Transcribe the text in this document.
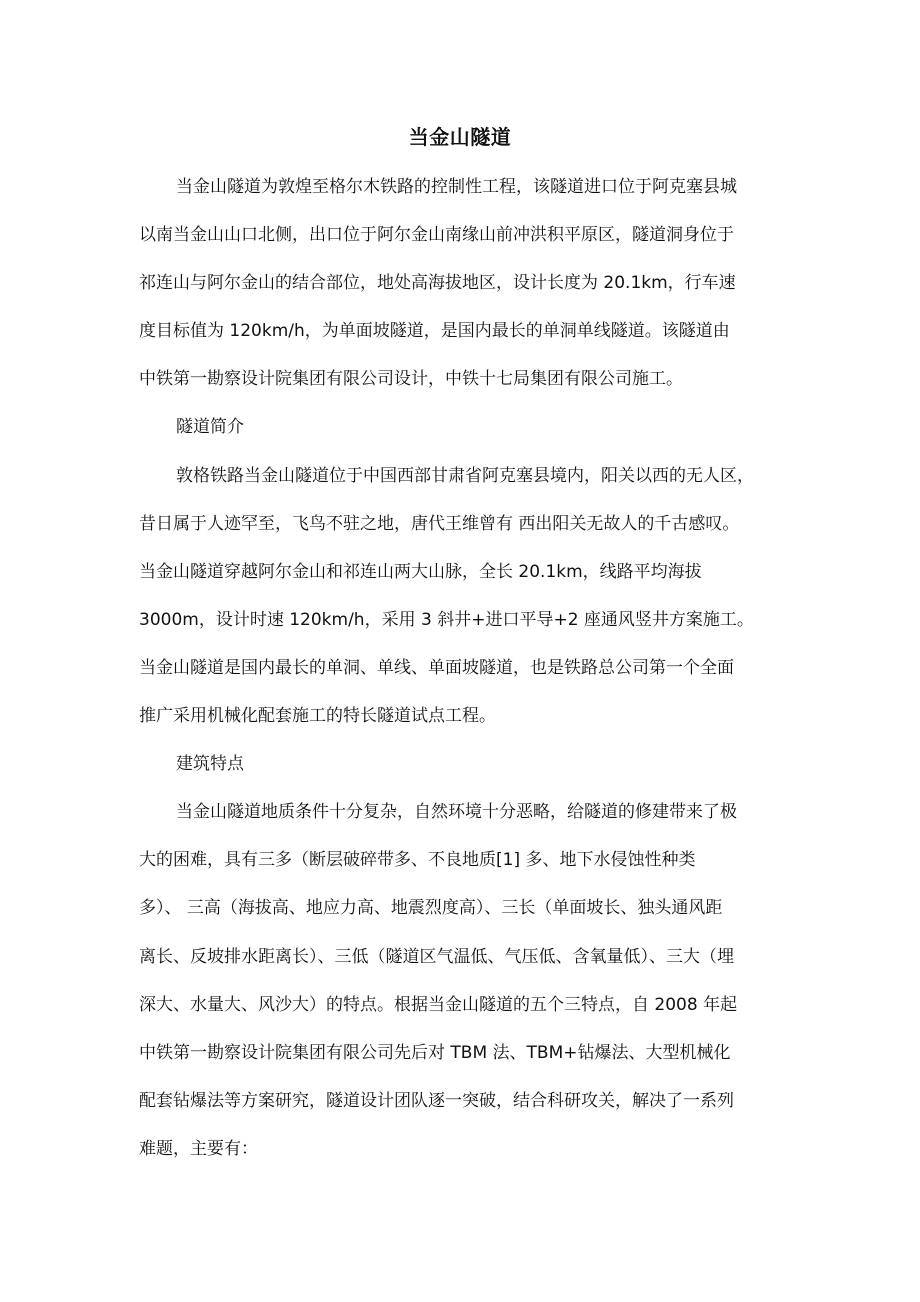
当金山隧道
当金山隧道为敦煌至格尔木铁路的控制性工程，该隧道进口位于阿克塞县城
以南当金山山口北侧，出口位于阿尔金山南缘山前冲洪积平原区，隧道洞身位于
祁连山与阿尔金山的结合部位，地处高海拔地区，设计长度为 20.1km，行车速
度目标值为 120km/h，为单面坡隧道，是国内最长的单洞单线隧道。该隧道由
中铁第一勘察设计院集团有限公司设计，中铁十七局集团有限公司施工。
隧道简介
敦格铁路当金山隧道位于中国西部甘肃省阿克塞县境内，阳关以西的无人区，
昔日属于人迹罕至，飞鸟不驻之地，唐代王维曾有 西出阳关无故人的千古感叹。
当金山隧道穿越阿尔金山和祁连山两大山脉，全长 20.1km，线路平均海拔
3000m，设计时速 120km/h，采用 3 斜井+进口平导+2 座通风竖井方案施工。
当金山隧道是国内最长的单洞、单线、单面坡隧道，也是铁路总公司第一个全面
推广采用机械化配套施工的特长隧道试点工程。
建筑特点
当金山隧道地质条件十分复杂，自然环境十分恶略，给隧道的修建带来了极
大的困难，具有三多（断层破碎带多、不良地质[1] 多、地下水侵蚀性种类
多）、 三高（海拔高、地应力高、地震烈度高）、三长（单面坡长、独头通风距
离长、反坡排水距离长）、三低（隧道区气温低、气压低、含氧量低）、三大（埋
深大、水量大、风沙大）的特点。根据当金山隧道的五个三特点，自 2008 年起
中铁第一勘察设计院集团有限公司先后对 TBM 法、TBM+钻爆法、大型机械化
配套钻爆法等方案研究，隧道设计团队逐一突破，结合科研攻关，解决了一系列
难题，主要有：
